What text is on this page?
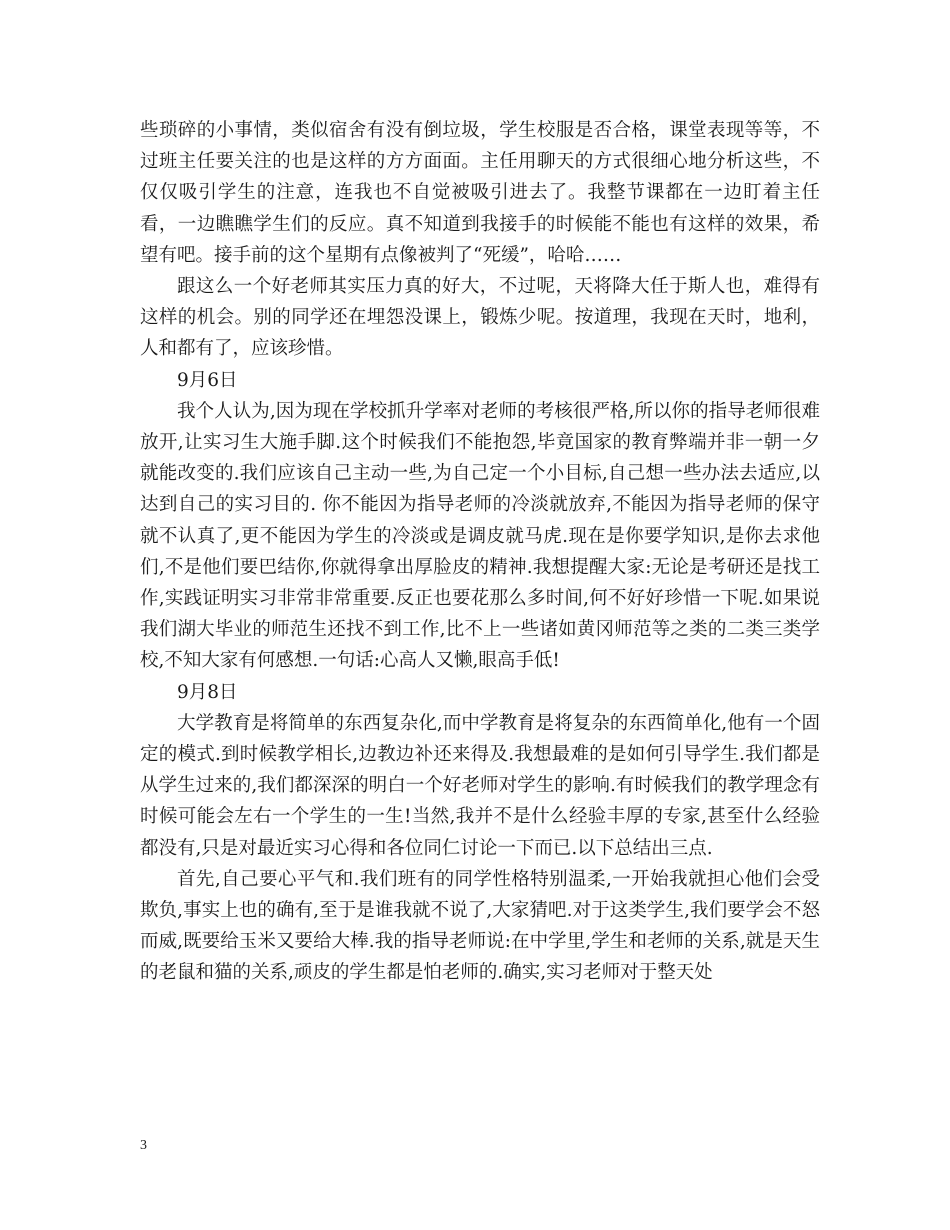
些琐碎的小事情，类似宿舍有没有倒垃圾，学生校服是否合格，课堂表现等等，不过班主任要关注的也是这样的方方面面。主任用聊天的方式很细心地分析这些，不仅仅吸引学生的注意，连我也不自觉被吸引进去了。我整节课都在一边盯着主任看，一边瞧瞧学生们的反应。真不知道到我接手的时候能不能也有这样的效果，希望有吧。接手前的这个星期有点像被判了“死缓”，哈哈……

跟这么一个好老师其实压力真的好大，不过呢，天将降大任于斯人也，难得有这样的机会。别的同学还在埋怨没课上，锻炼少呢。按道理，我现在天时，地利，人和都有了，应该珍惜。

9月6日

我个人认为,因为现在学校抓升学率对老师的考核很严格,所以你的指导老师很难放开,让实习生大施手脚.这个时候我们不能抱怨,毕竟国家的教育弊端并非一朝一夕就能改变的.我们应该自己主动一些,为自己定一个小目标,自己想一些办法去适应,以达到自己的实习目的. 你不能因为指导老师的冷淡就放弃,不能因为指导老师的保守就不认真了,更不能因为学生的冷淡或是调皮就马虎.现在是你要学知识,是你去求他们,不是他们要巴结你,你就得拿出厚脸皮的精神.我想提醒大家:无论是考研还是找工作,实践证明实习非常非常重要.反正也要花那么多时间,何不好好珍惜一下呢.如果说我们湖大毕业的师范生还找不到工作,比不上一些诸如黄冈师范等之类的二类三类学校,不知大家有何感想.一句话:心高人又懒,眼高手低!

9月8日

大学教育是将简单的东西复杂化,而中学教育是将复杂的东西简单化,他有一个固定的模式.到时候教学相长,边教边补还来得及.我想最难的是如何引导学生.我们都是从学生过来的,我们都深深的明白一个好老师对学生的影响.有时候我们的教学理念有时候可能会左右一个学生的一生!当然,我并不是什么经验丰厚的专家,甚至什么经验都没有,只是对最近实习心得和各位同仁讨论一下而已.以下总结出三点.

首先,自己要心平气和.我们班有的同学性格特别温柔,一开始我就担心他们会受欺负,事实上也的确有,至于是谁我就不说了,大家猜吧.对于这类学生,我们要学会不怒而威,既要给玉米又要给大棒.我的指导老师说:在中学里,学生和老师的关系,就是天生的老鼠和猫的关系,顽皮的学生都是怕老师的.确实,实习老师对于整天处

3
